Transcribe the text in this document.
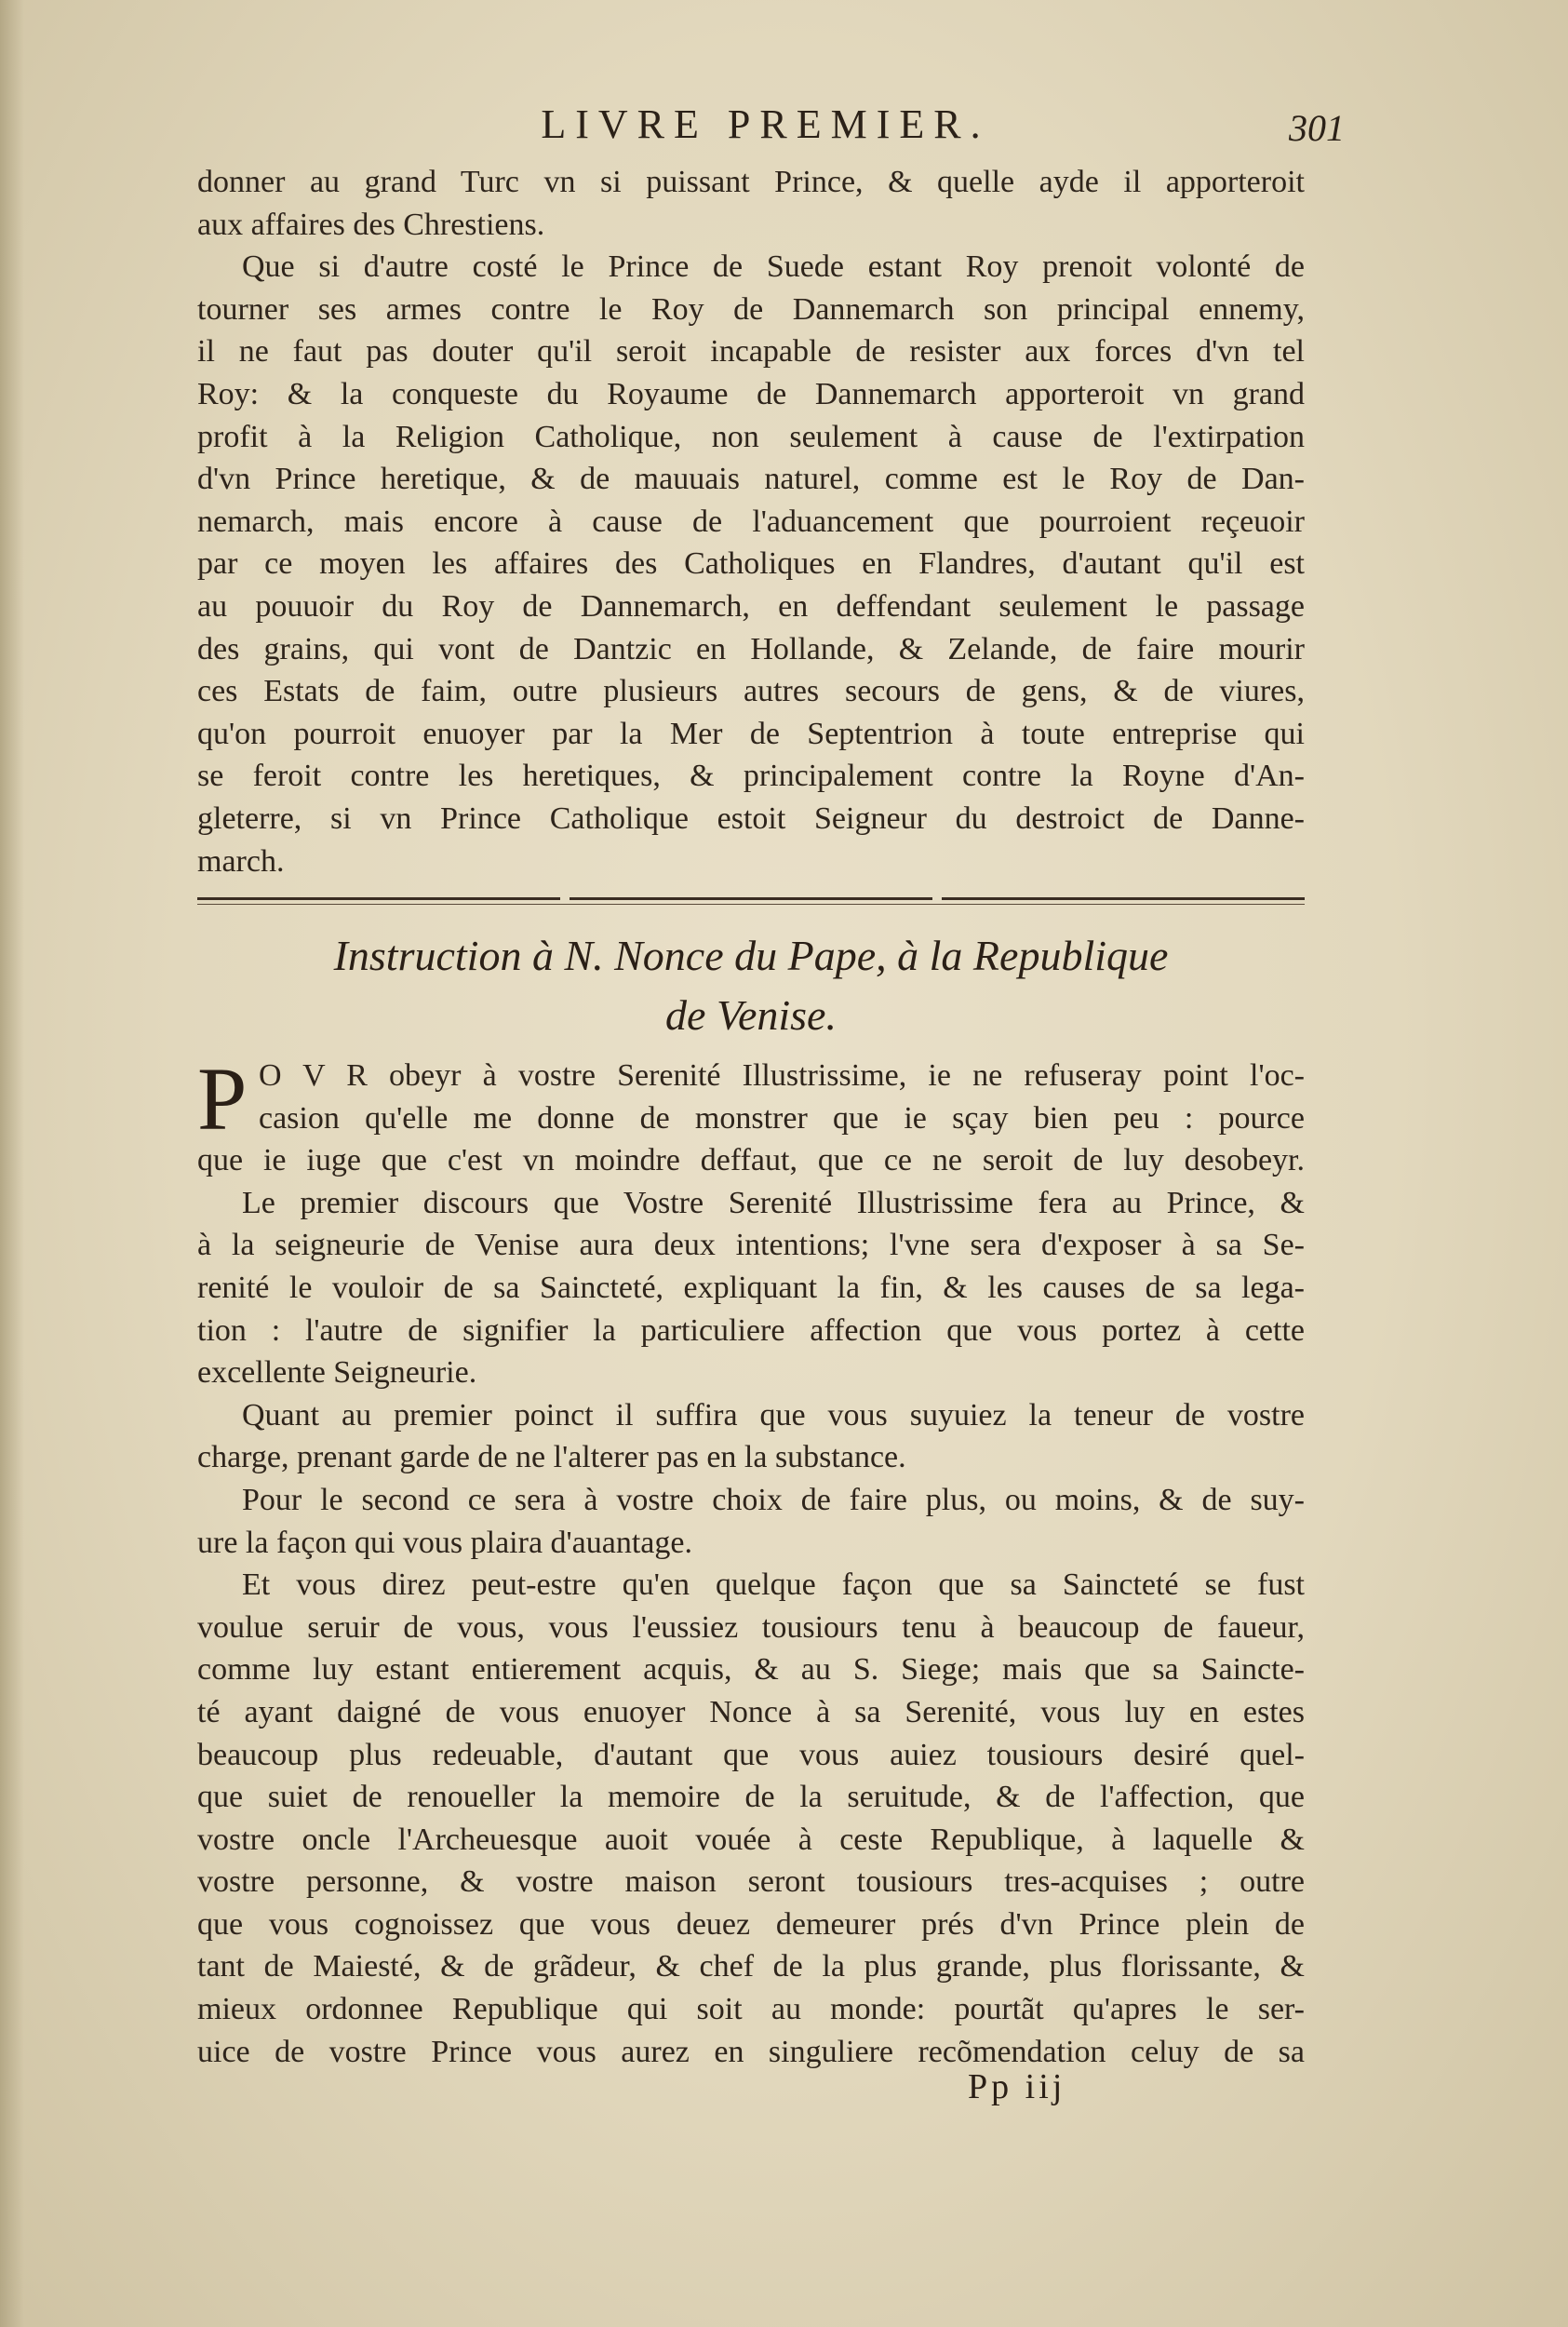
LIVRE PREMIER.	301
donner au grand Turc vn si puissant Prince, & quelle ayde il apporteroit
aux affaires des Chrestiens.
Que si d'autre costé le Prince de Suede estant Roy prenoit volonté de
tourner ses armes contre le Roy de Dannemarch son principal ennemy,
il ne faut pas douter qu'il seroit incapable de resister aux forces d'vn tel
Roy: & la conqueste du Royaume de Dannemarch apporteroit vn grand
profit à la Religion Catholique, non seulement à cause de l'extirpation
d'vn Prince heretique, & de mauuais naturel, comme est le Roy de Dan-
nemarch, mais encore à cause de l'aduancement que pourroient reçeuoir
par ce moyen les affaires des Catholiques en Flandres, d'autant qu'il est
au pouuoir du Roy de Dannemarch, en deffendant seulement le passage
des grains, qui vont de Dantzic en Hollande, & Zelande, de faire mourir
ces Estats de faim, outre plusieurs autres secours de gens, & de viures,
qu'on pourroit enuoyer par la Mer de Septentrion à toute entreprise qui
se feroit contre les heretiques, & principalement contre la Royne d'An-
gleterre, si vn Prince Catholique estoit Seigneur du destroict de Danne-
march.
Instruction à N. Nonce du Pape, à la Republique
de Venise.
P O V R obeyr à vostre Serenité Illustrissime, ie ne refuseray point l'oc-
casion qu'elle me donne de monstrer que ie sçay bien peu : pource
que ie iuge que c'est vn moindre deffaut, que ce ne seroit de luy desobeyr.
Le premier discours que Vostre Serenité Illustrissime fera au Prince, &
à la seigneurie de Venise aura deux intentions; l'vne sera d'exposer à sa Se-
renité le vouloir de sa Saincteté, expliquant la fin, & les causes de sa lega-
tion : l'autre de signifier la particuliere affection que vous portez à cette
excellente Seigneurie.
Quant au premier poinct il suffira que vous suyuiez la teneur de vostre
charge, prenant garde de ne l'alterer pas en la substance.
Pour le second ce sera à vostre choix de faire plus, ou moins, & de suy-
ure la façon qui vous plaira d'auantage.
Et vous direz peut-estre qu'en quelque façon que sa Saincteté se fust
voulue seruir de vous, vous l'eussiez tousiours tenu à beaucoup de faueur,
comme luy estant entierement acquis, & au S. Siege; mais que sa Saincte-
té ayant daigné de vous enuoyer Nonce à sa Serenité, vous luy en estes
beaucoup plus redeuable, d'autant que vous auiez tousiours desiré quel-
que suiet de renoueller la memoire de la seruitude, & de l'affection, que
vostre oncle l'Archeuesque auoit vouée à ceste Republique, à laquelle &
vostre personne, & vostre maison seront tousiours tres-acquises ; outre
que vous cognoissez que vous deuez demeurer prés d'vn Prince plein de
tant de Maiesté, & de grãdeur, & chef de la plus grande, plus florissante, &
mieux ordonnee Republique qui soit au monde: pourtãt qu'apres le ser-
uice de vostre Prince vous aurez en singuliere recõmendation celuy de sa
Pp iij
